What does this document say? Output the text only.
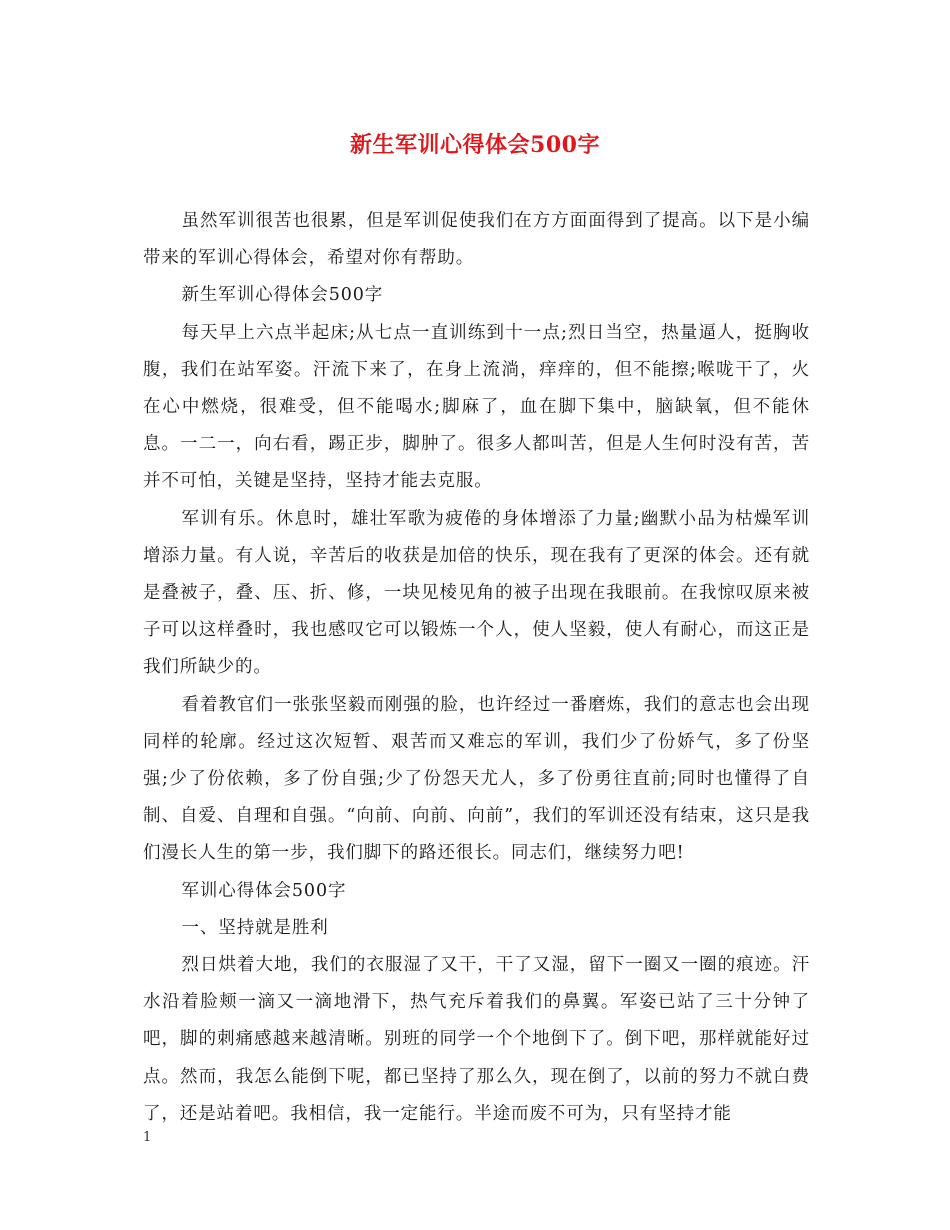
新生军训心得体会500字

虽然军训很苦也很累，但是军训促使我们在方方面面得到了提高。以下是小编带来的军训心得体会，希望对你有帮助。

新生军训心得体会500字

每天早上六点半起床;从七点一直训练到十一点;烈日当空，热量逼人，挺胸收腹，我们在站军姿。汗流下来了，在身上流淌，痒痒的，但不能擦;喉咙干了，火在心中燃烧，很难受，但不能喝水;脚麻了，血在脚下集中，脑缺氧，但不能休息。一二一，向右看，踢正步，脚肿了。很多人都叫苦，但是人生何时没有苦，苦并不可怕，关键是坚持，坚持才能去克服。

军训有乐。休息时，雄壮军歌为疲倦的身体增添了力量;幽默小品为枯燥军训增添力量。有人说，辛苦后的收获是加倍的快乐，现在我有了更深的体会。还有就是叠被子，叠、压、折、修，一块见棱见角的被子出现在我眼前。在我惊叹原来被子可以这样叠时，我也感叹它可以锻炼一个人，使人坚毅，使人有耐心，而这正是我们所缺少的。

看着教官们一张张坚毅而刚强的脸，也许经过一番磨炼，我们的意志也会出现同样的轮廓。经过这次短暂、艰苦而又难忘的军训，我们少了份娇气，多了份坚强;少了份依赖，多了份自强;少了份怨天尤人，多了份勇往直前;同时也懂得了自制、自爱、自理和自强。“向前、向前、向前”，我们的军训还没有结束，这只是我们漫长人生的第一步，我们脚下的路还很长。同志们，继续努力吧!

军训心得体会500字

一、坚持就是胜利

烈日烘着大地，我们的衣服湿了又干，干了又湿，留下一圈又一圈的痕迹。汗水沿着脸颊一滴又一滴地滑下，热气充斥着我们的鼻翼。军姿已站了三十分钟了吧，脚的刺痛感越来越清晰。别班的同学一个个地倒下了。倒下吧，那样就能好过点。然而，我怎么能倒下呢，都已坚持了那么久，现在倒了，以前的努力不就白费了，还是站着吧。我相信，我一定能行。半途而废不可为，只有坚持才能

1
